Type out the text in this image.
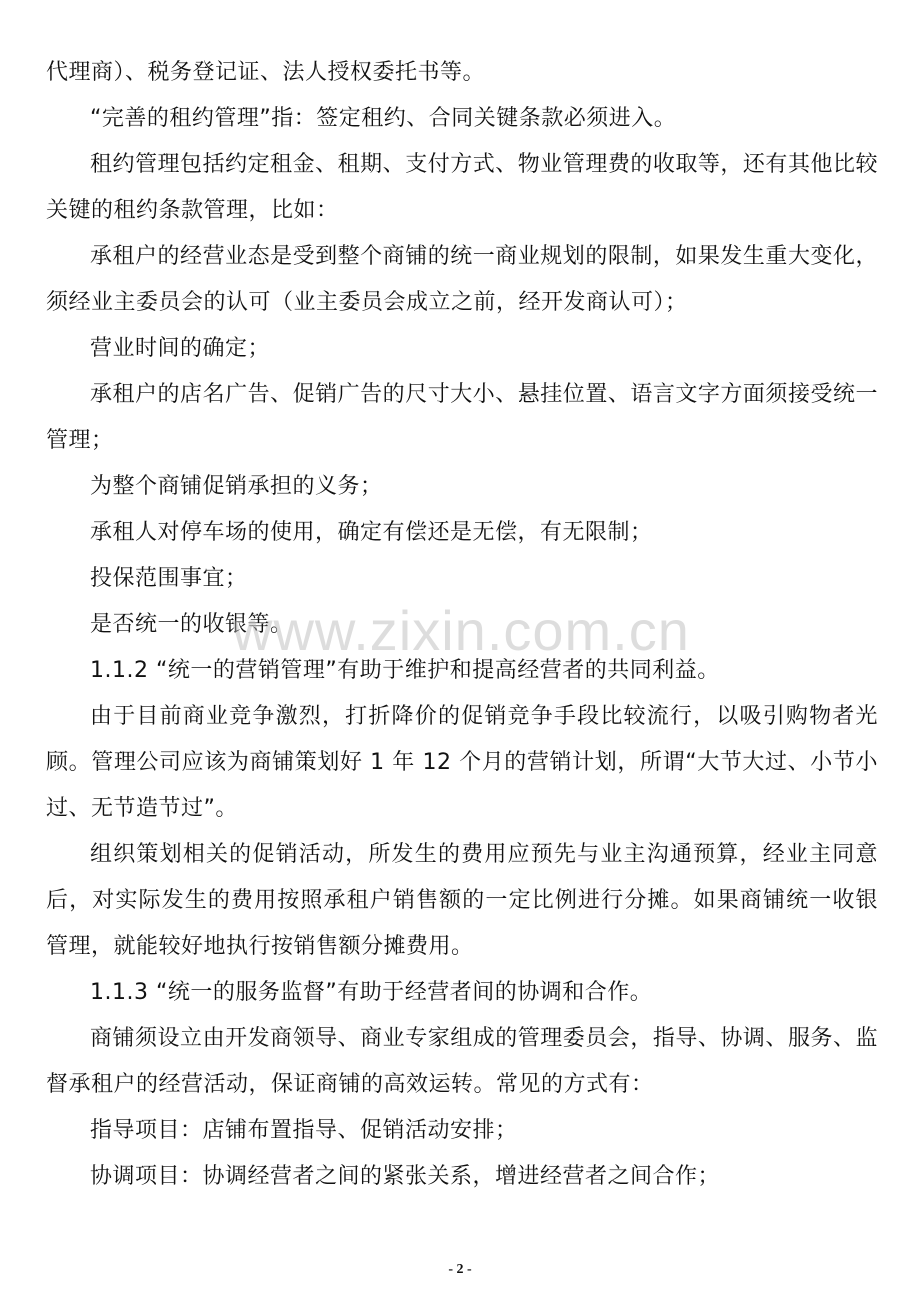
代理商）、税务登记证、法人授权委托书等。

“完善的租约管理”指：签定租约、合同关键条款必须进入。

租约管理包括约定租金、租期、支付方式、物业管理费的收取等，还有其他比较关键的租约条款管理，比如：

承租户的经营业态是受到整个商铺的统一商业规划的限制，如果发生重大变化，须经业主委员会的认可（业主委员会成立之前，经开发商认可）；

营业时间的确定；

承租户的店名广告、促销广告的尺寸大小、悬挂位置、语言文字方面须接受统一管理；

为整个商铺促销承担的义务；

承租人对停车场的使用，确定有偿还是无偿，有无限制；

投保范围事宜；

是否统一的收银等。

1.1.2 “统一的营销管理”有助于维护和提高经营者的共同利益。

由于目前商业竞争激烈，打折降价的促销竞争手段比较流行，以吸引购物者光顾。管理公司应该为商铺策划好 1 年 12 个月的营销计划，所谓“大节大过、小节小过、无节造节过”。

组织策划相关的促销活动，所发生的费用应预先与业主沟通预算，经业主同意后，对实际发生的费用按照承租户销售额的一定比例进行分摊。如果商铺统一收银管理，就能较好地执行按销售额分摊费用。

1.1.3 “统一的服务监督”有助于经营者间的协调和合作。

商铺须设立由开发商领导、商业专家组成的管理委员会，指导、协调、服务、监督承租户的经营活动，保证商铺的高效运转。常见的方式有：

指导项目：店铺布置指导、促销活动安排；

协调项目：协调经营者之间的紧张关系，增进经营者之间合作；

www.zixin.com.cn
- 2 -
